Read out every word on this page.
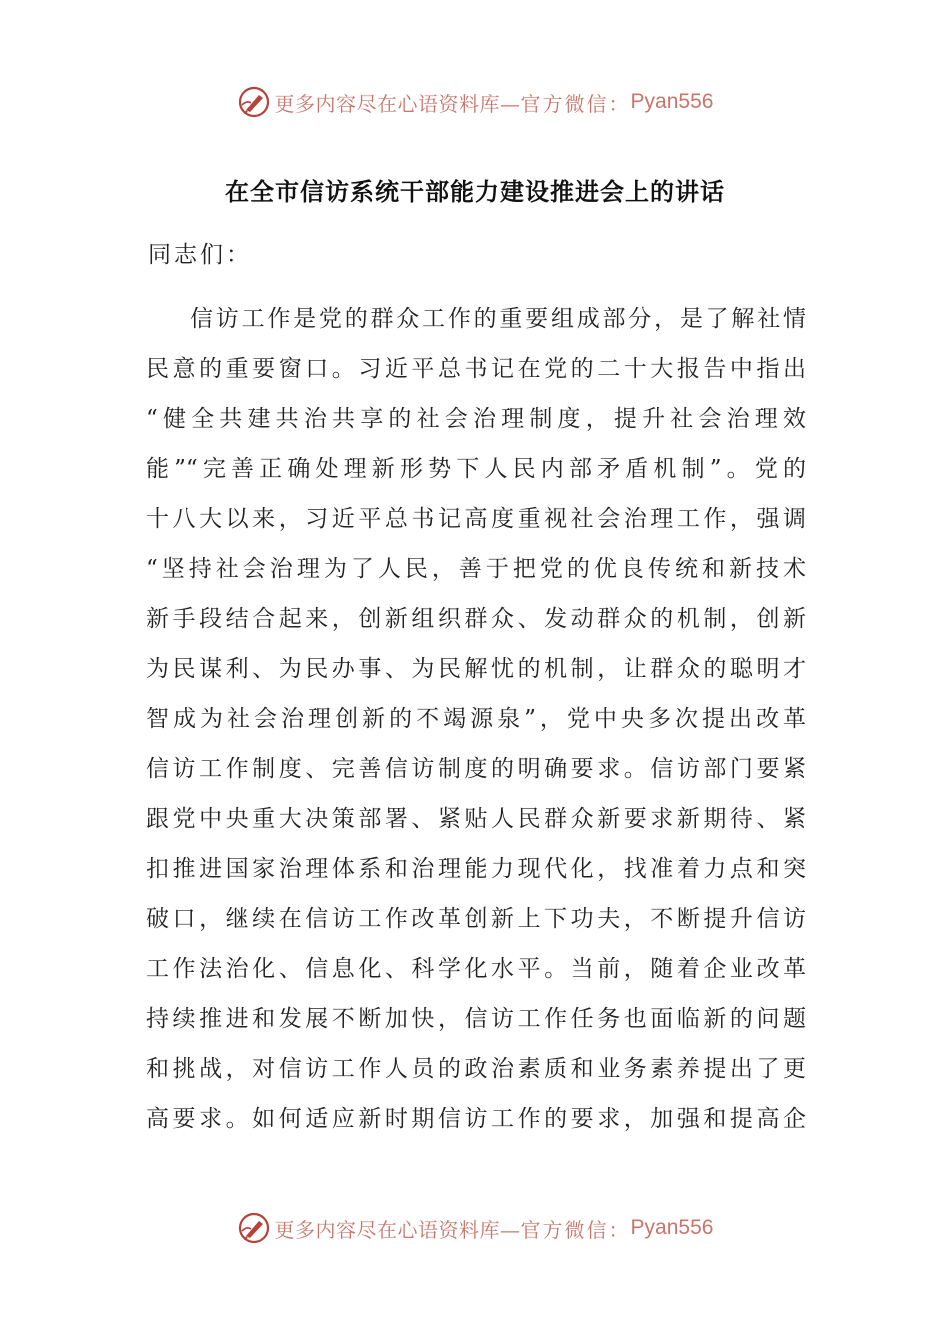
更多内容尽在心语资料库— 官方微信： Pyan556
在全市信访系统干部能力建设推进会上的讲话
同志们：
信访工作是党的群众工作的重要组成部分，是了解社情
民意的重要窗口。习近平总书记在党的二十大报告中指出
“健全共建共治共享的社会治理制度，提升社会治理效
能”“完善正确处理新形势下人民内部矛盾机制”。党的
十八大以来，习近平总书记高度重视社会治理工作，强调
“坚持社会治理为了人民，善于把党的优良传统和新技术
新手段结合起来，创新组织群众、发动群众的机制，创新
为民谋利、为民办事、为民解忧的机制，让群众的聪明才
智成为社会治理创新的不竭源泉”，党中央多次提出改革
信访工作制度、完善信访制度的明确要求。信访部门要紧
跟党中央重大决策部署、紧贴人民群众新要求新期待、紧
扣推进国家治理体系和治理能力现代化，找准着力点和突
破口，继续在信访工作改革创新上下功夫，不断提升信访
工作法治化、信息化、科学化水平。当前，随着企业改革
持续推进和发展不断加快，信访工作任务也面临新的问题
和挑战，对信访工作人员的政治素质和业务素养提出了更
高要求。如何适应新时期信访工作的要求，加强和提高企
更多内容尽在心语资料库— 官方微信： Pyan556
